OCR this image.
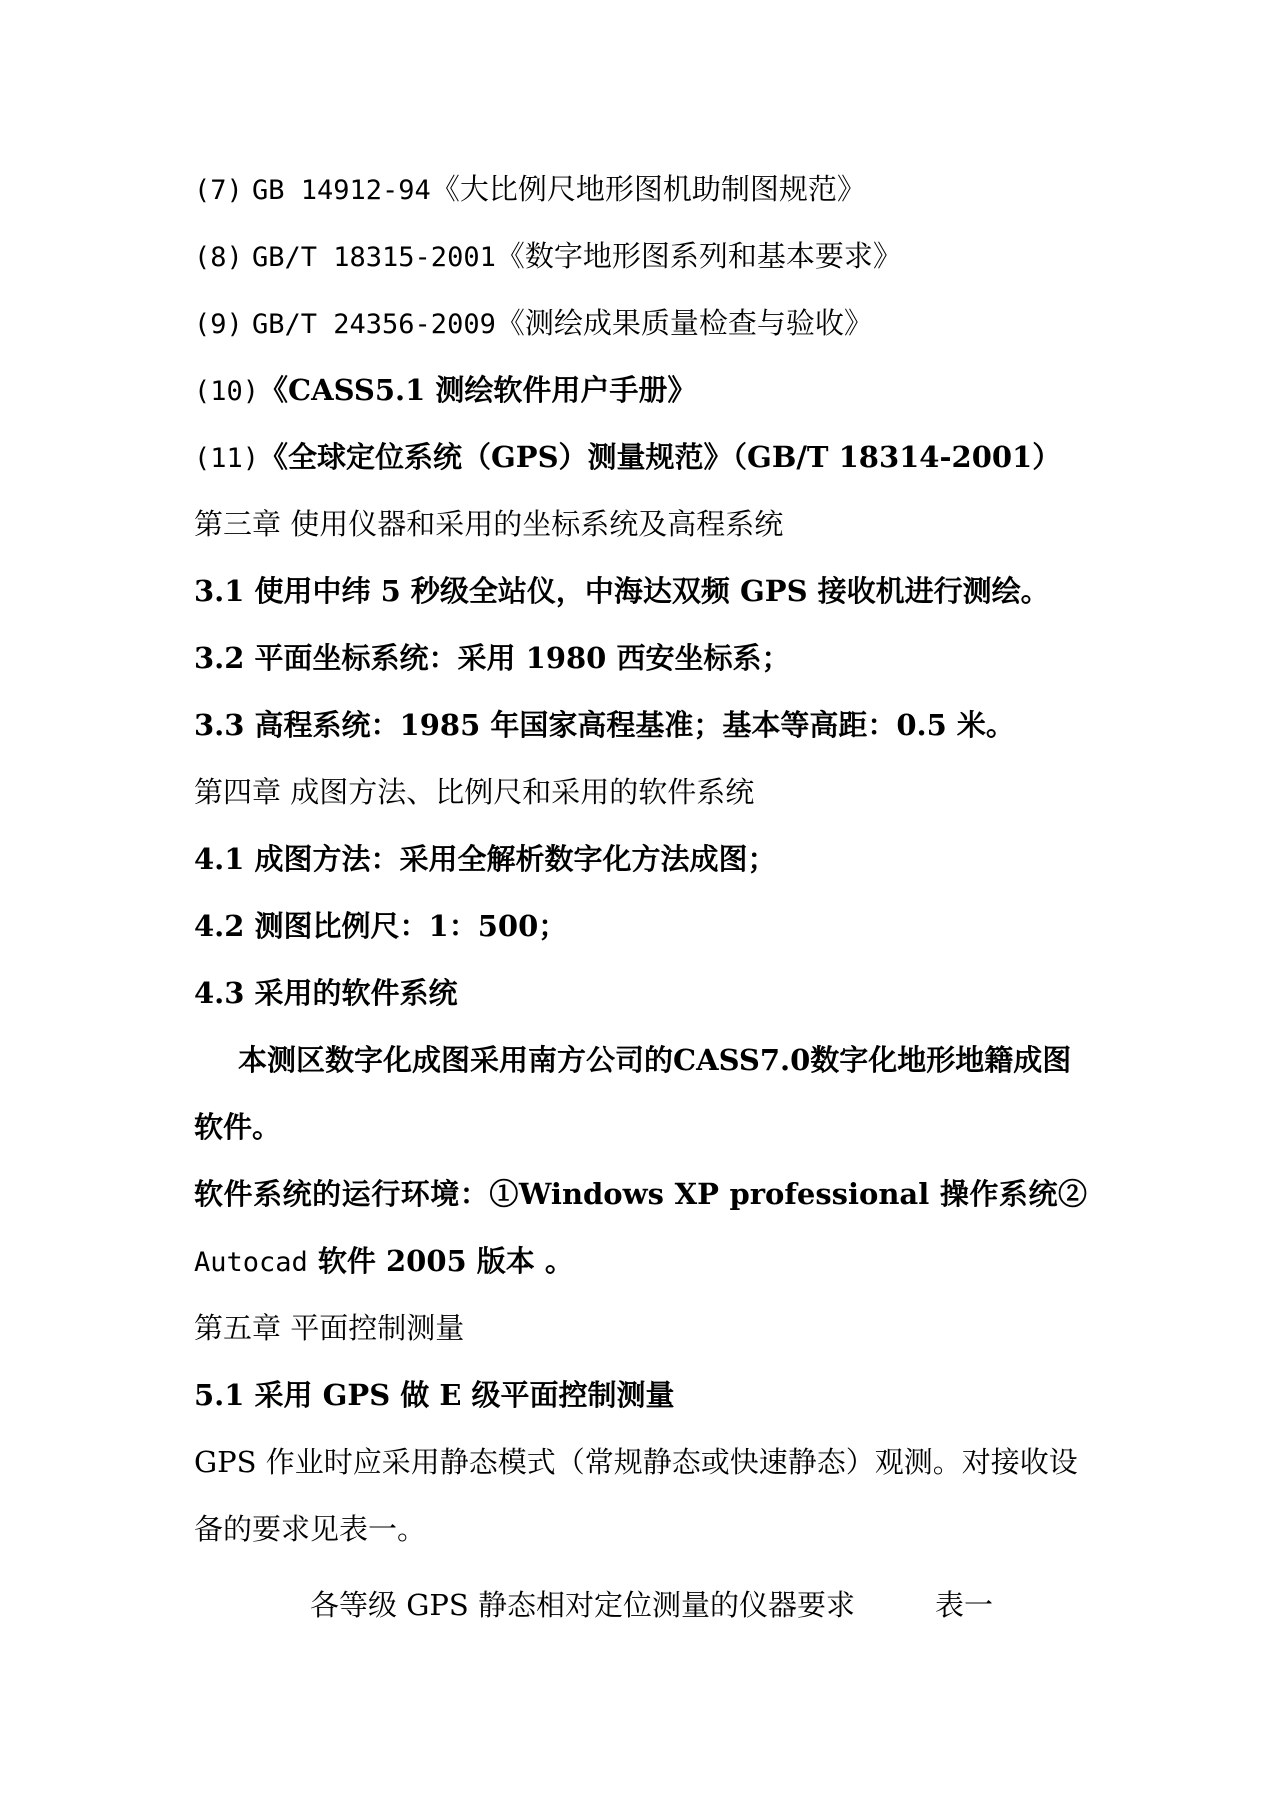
(7) GB 14912-94《大比例尺地形图机助制图规范》

(8) GB/T 18315-2001《数字地形图系列和基本要求》

(9) GB/T 24356-2009《测绘成果质量检查与验收》

(10)《CASS5.1 测绘软件用户手册》

(11)《全球定位系统（GPS）测量规范》（GB/T 18314-2001）

第三章 使用仪器和采用的坐标系统及高程系统

3.1 使用中纬 5 秒级全站仪，中海达双频 GPS 接收机进行测绘。

3.2 平面坐标系统：采用 1980 西安坐标系；

3.3 高程系统：1985 年国家高程基准；基本等高距：0.5 米。

第四章 成图方法、比例尺和采用的软件系统

4.1 成图方法：采用全解析数字化方法成图；

4.2 测图比例尺：1：500；

4.3 采用的软件系统

本测区数字化成图采用南方公司的CASS7.0数字化地形地籍成图

软件。

软件系统的运行环境：①Windows XP professional 操作系统②

Autocad 软件 2005 版本 。

第五章 平面控制测量

5.1 采用 GPS 做 E 级平面控制测量

GPS 作业时应采用静态模式（常规静态或快速静态）观测。对接收设

备的要求见表一。

各等级 GPS 静态相对定位测量的仪器要求	表一
